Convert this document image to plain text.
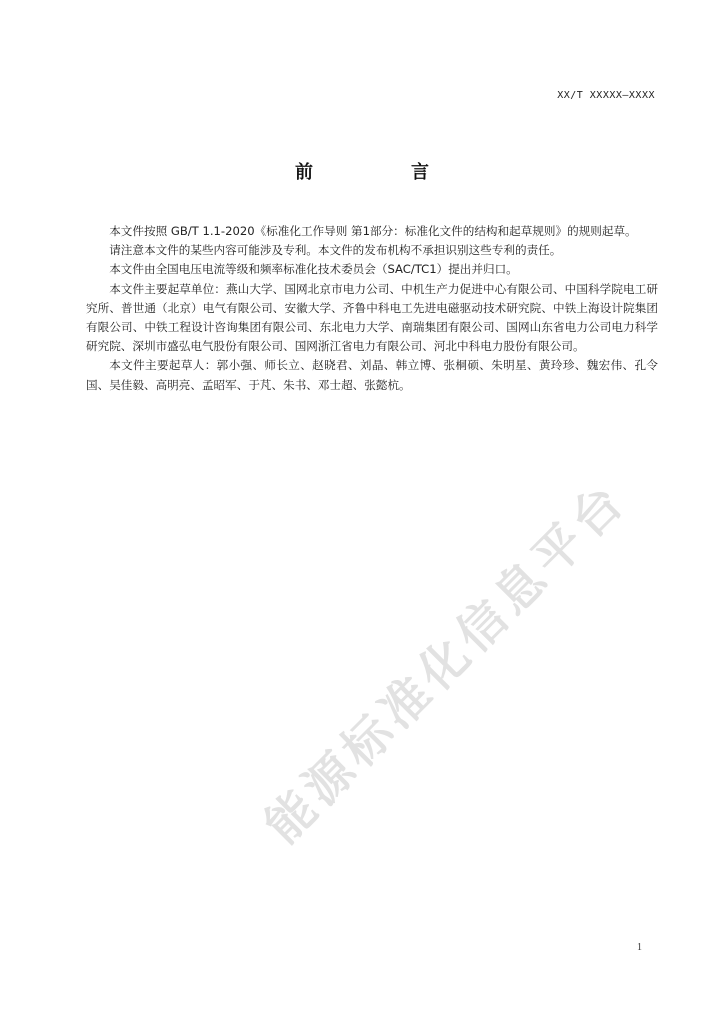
XX/T XXXXX—XXXX
前　言

本文件按照 GB/T 1.1-2020《标准化工作导则 第1部分：标准化文件的结构和起草规则》的规则起草。

请注意本文件的某些内容可能涉及专利。本文件的发布机构不承担识别这些专利的责任。

本文件由全国电压电流等级和频率标准化技术委员会（SAC/TC1）提出并归口。

本文件主要起草单位：燕山大学、国网北京市电力公司、中机生产力促进中心有限公司、中国科学院电工研究所、普世通（北京）电气有限公司、安徽大学、齐鲁中科电工先进电磁驱动技术研究院、中铁上海设计院集团有限公司、中铁工程设计咨询集团有限公司、东北电力大学、南瑞集团有限公司、国网山东省电力公司电力科学研究院、深圳市盛弘电气股份有限公司、国网浙江省电力有限公司、河北中科电力股份有限公司。

本文件主要起草人：郭小强、师长立、赵晓君、刘晶、韩立博、张桐硕、朱明星、黄玲珍、魏宏伟、孔令国、吴佳毅、高明亮、孟昭军、于芃、朱书、邓士超、张懿杭。

能源标准化信息平台
1
